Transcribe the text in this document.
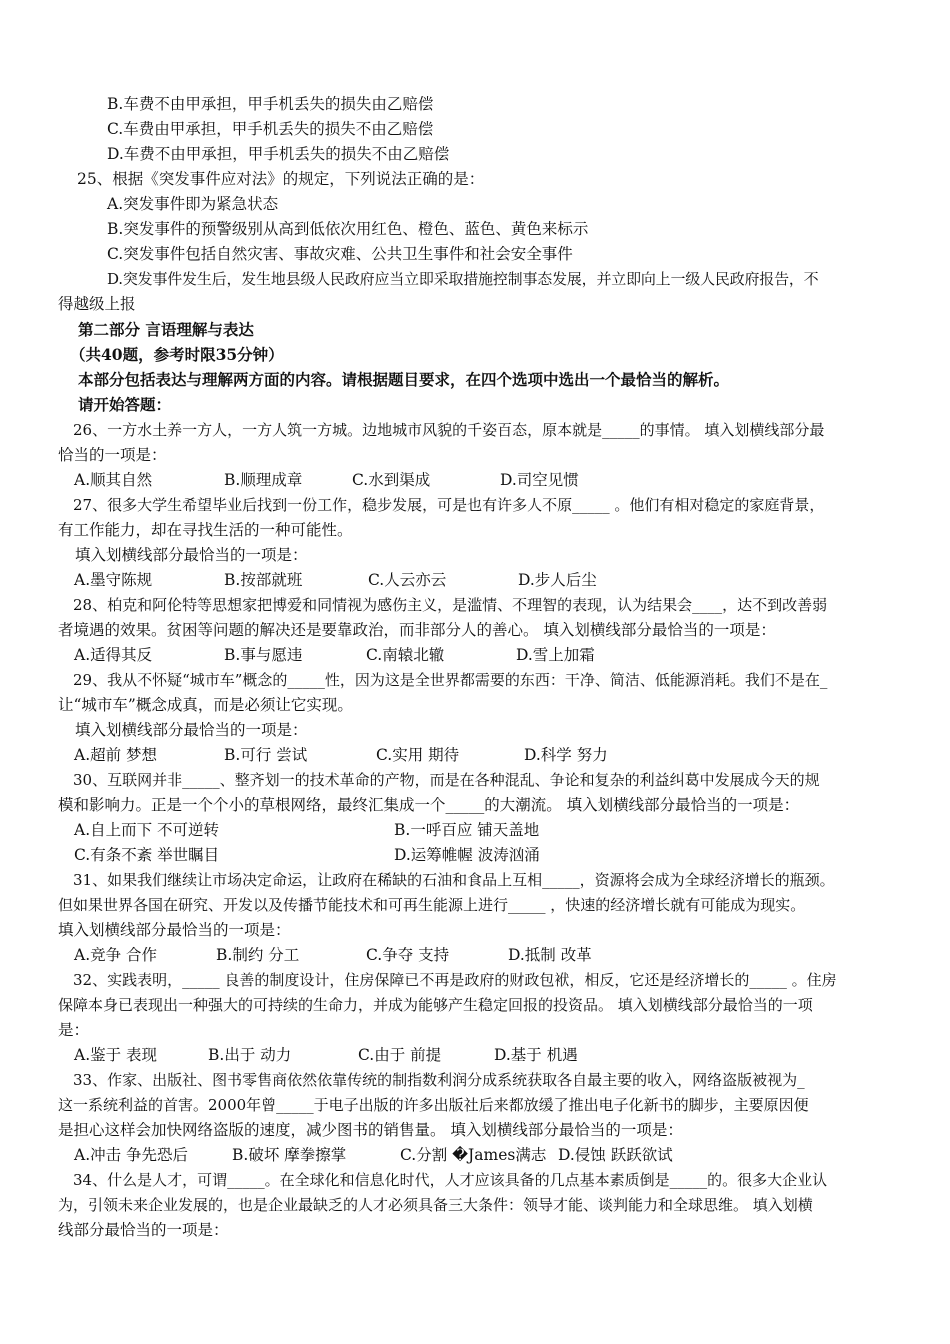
B.车费不由甲承担，甲手机丢失的损失由乙赔偿
C.车费由甲承担，甲手机丢失的损失不由乙赔偿
D.车费不由甲承担，甲手机丢失的损失不由乙赔偿
25、根据《突发事件应对法》的规定，下列说法正确的是：
A.突发事件即为紧急状态
B.突发事件的预警级别从高到低依次用红色、橙色、蓝色、黄色来标示
C.突发事件包括自然灾害、事故灾难、公共卫生事件和社会安全事件
D.突发事件发生后，发生地县级人民政府应当立即采取措施控制事态发展，并立即向上一级人民政府报告，不
得越级上报
第二部分 言语理解与表达
（共40题，参考时限35分钟）
本部分包括表达与理解两方面的内容。请根据题目要求，在四个选项中选出一个最恰当的解析。
请开始答题：
26、一方水土养一方人，一方人筑一方城。边地城市风貌的千姿百态，原本就是_____的事情。 填入划横线部分最
恰当的一项是：
A.顺其自然	B.顺理成章	C.水到渠成	D.司空见惯
27、很多大学生希望毕业后找到一份工作，稳步发展，可是也有许多人不原_____ 。他们有相对稳定的家庭背景，
有工作能力，却在寻找生活的一种可能性。
填入划横线部分最恰当的一项是：
A.墨守陈规	B.按部就班	C.人云亦云	D.步人后尘
28、柏克和阿伦特等思想家把博爱和同情视为感伤主义，是滥情、不理智的表现，认为结果会____，达不到改善弱
者境遇的效果。贫困等问题的解决还是要靠政治，而非部分人的善心。 填入划横线部分最恰当的一项是：
A.适得其反	B.事与愿违	C.南辕北辙	D.雪上加霜
29、我从不怀疑“城市车”概念的_____性，因为这是全世界都需要的东西：干净、简洁、低能源消耗。我们不是在_
让“城市车”概念成真，而是必须让它实现。
填入划横线部分最恰当的一项是：
A.超前 梦想	B.可行 尝试	C.实用 期待	D.科学 努力
30、互联网并非_____、整齐划一的技术革命的产物，而是在各种混乱、争论和复杂的利益纠葛中发展成今天的规
模和影响力。正是一个个小的草根网络，最终汇集成一个_____的大潮流。 填入划横线部分最恰当的一项是：
A.自上而下 不可逆转	B.一呼百应 铺天盖地
C.有条不紊 举世瞩目	D.运筹帷幄 波涛汹涌
31、如果我们继续让市场决定命运，让政府在稀缺的石油和食品上互相_____，资源将会成为全球经济增长的瓶颈。
但如果世界各国在研究、开发以及传播节能技术和可再生能源上进行_____ ，快速的经济增长就有可能成为现实。
填入划横线部分最恰当的一项是：
A.竞争 合作	B.制约 分工	C.争夺 支持	D.抵制 改革
32、实践表明，_____ 良善的制度设计，住房保障已不再是政府的财政包袱，相反，它还是经济增长的_____ 。住房
保障本身已表现出一种强大的可持续的生命力，并成为能够产生稳定回报的投资品。 填入划横线部分最恰当的一项
是：
A.鉴于 表现	B.出于 动力	C.由于 前提	D.基于 机遇
33、作家、出版社、图书零售商依然依靠传统的制指数利润分成系统获取各自最主要的收入，网络盗版被视为_
这一系统利益的首害。2000年曾_____于电子出版的许多出版社后来都放缓了推出电子化新书的脚步，主要原因便
是担心这样会加快网络盗版的速度，减少图书的销售量。 填入划横线部分最恰当的一项是：
A.冲击 争先恐后	B.破坏 摩拳擦掌	C.分割 �James满志 D.侵蚀 跃跃欲试
34、什么是人才，可谓_____。在全球化和信息化时代，人才应该具备的几点基本素质倒是_____的。很多大企业认
为，引领未来企业发展的，也是企业最缺乏的人才必须具备三大条件：领导才能、谈判能力和全球思维。 填入划横
线部分最恰当的一项是：
